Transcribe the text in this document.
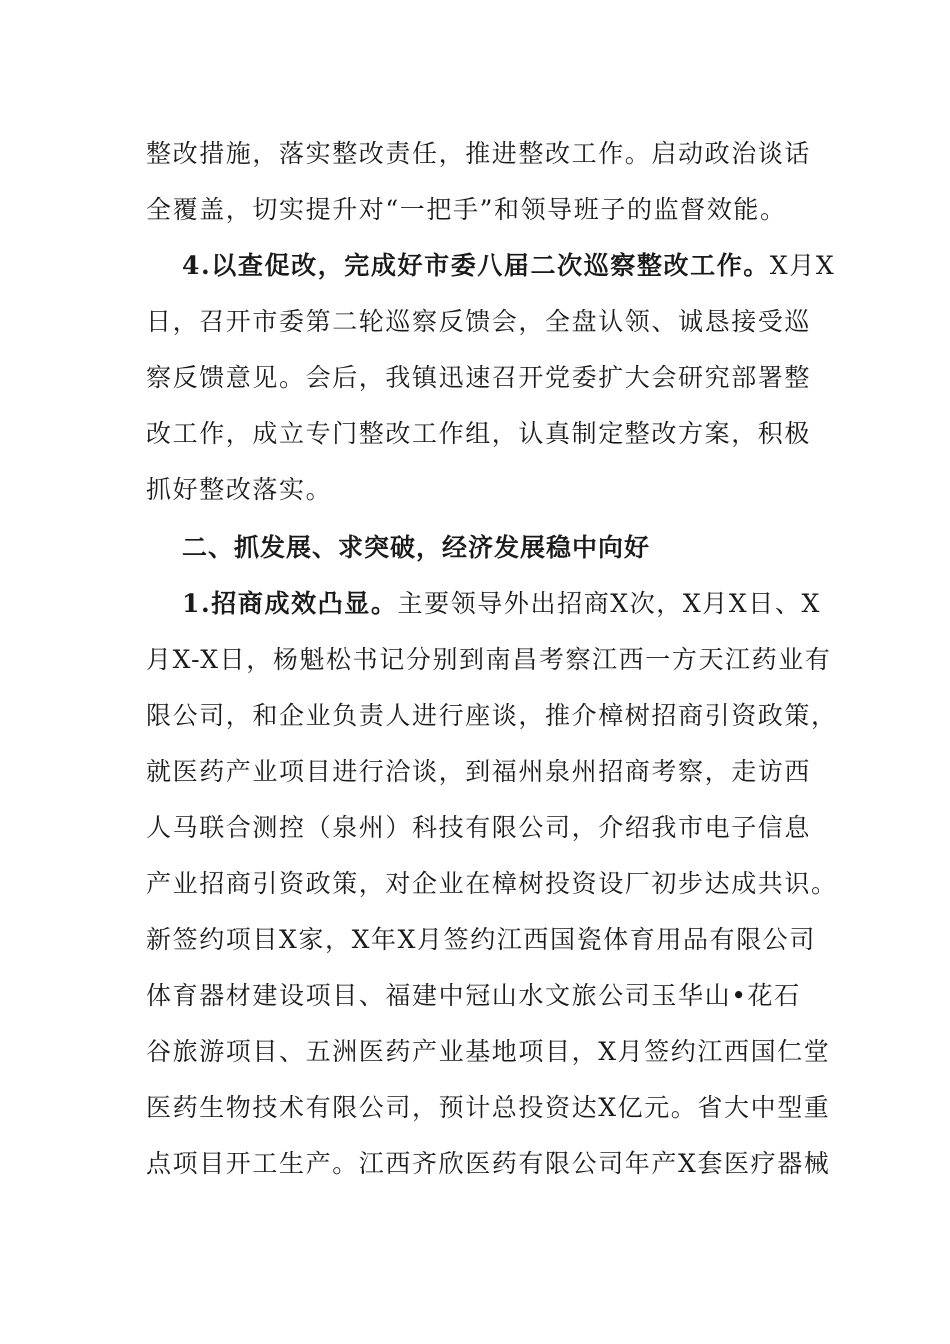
整改措施，落实整改责任，推进整改工作。启动政治谈话
全覆盖，切实提升对“一把手”和领导班子的监督效能。
4.以查促改，完成好市委八届二次巡察整改工作。X月X
日，召开市委第二轮巡察反馈会，全盘认领、诚恳接受巡
察反馈意见。会后，我镇迅速召开党委扩大会研究部署整
改工作，成立专门整改工作组，认真制定整改方案，积极
抓好整改落实。
二、抓发展、求突破，经济发展稳中向好
1.招商成效凸显。主要领导外出招商X次，X月X日、X
月X-X日，杨魁松书记分别到南昌考察江西一方天江药业有
限公司，和企业负责人进行座谈，推介樟树招商引资政策，
就医药产业项目进行洽谈，到福州泉州招商考察，走访西
人马联合测控（泉州）科技有限公司，介绍我市电子信息
产业招商引资政策，对企业在樟树投资设厂初步达成共识。
新签约项目X家，X年X月签约江西国瓷体育用品有限公司
体育器材建设项目、福建中冠山水文旅公司玉华山•花石
谷旅游项目、五洲医药产业基地项目，X月签约江西国仁堂
医药生物技术有限公司，预计总投资达X亿元。省大中型重
点项目开工生产。江西齐欣医药有限公司年产X套医疗器械
